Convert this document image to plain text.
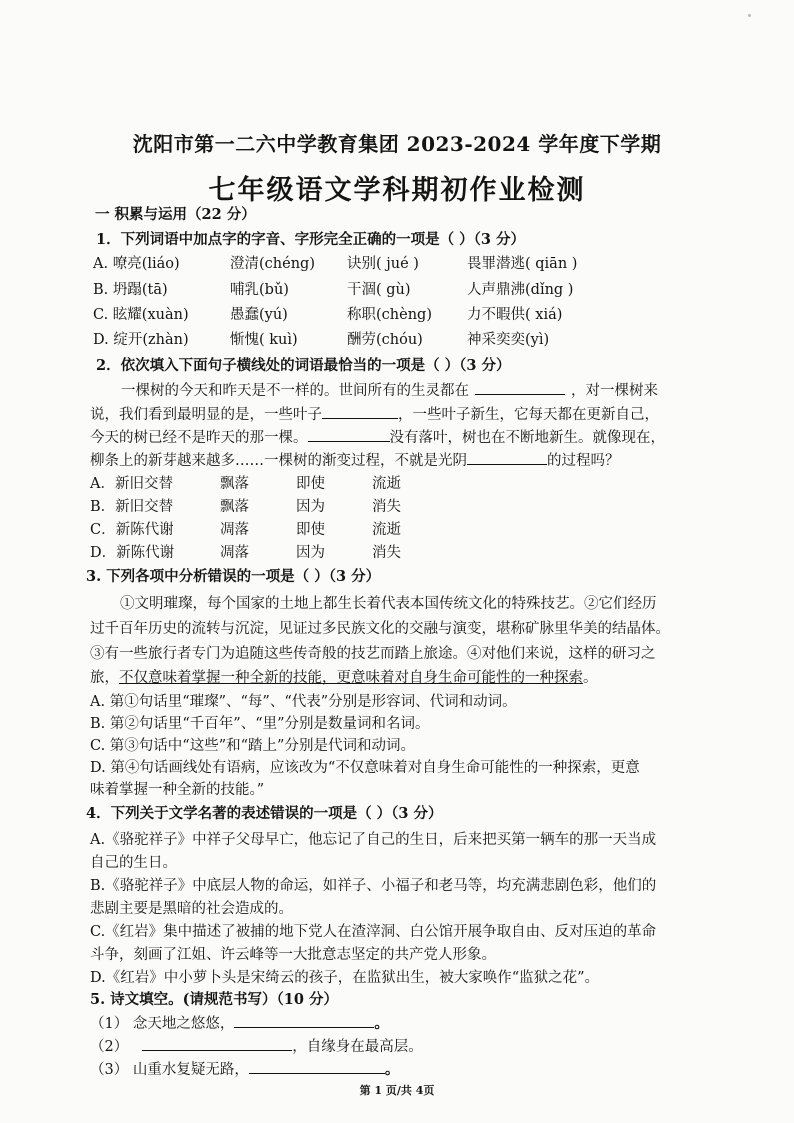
沈阳市第一二六中学教育集团 2023-2024 学年度下学期
七年级语文学科期初作业检测
一 积累与运用（22 分）
1．下列词语中加点字的字音、字形完全正确的一项是（ ）（3 分）
A. 嘹亮(liáo)	澄清(chéng) 诀别( jué )	畏罪潜逃( qiān )
B. 坍蹋(tā)	哺乳(bǔ)	干涸( gù)	人声鼎沸(dǐng )
C. 眩耀(xuàn)	愚蠢(yú)	称职(chèng) 力不暇供( xiá)
D. 绽开(zhàn)	惭愧( kuì)	酬劳(chóu)	神采奕奕(yì)
2．依次填入下面句子横线处的词语最恰当的一项是（ ）（3 分）
一棵树的今天和昨天是不一样的。世间所有的生灵都在	，对一棵树来
说，我们看到最明显的是，一些叶子	，一些叶子新生，它每天都在更新自己，
今天的树已经不是昨天的那一棵。	没有落叶，树也在不断地新生。就像现在，
柳条上的新芽越来越多……一棵树的渐变过程，不就是光阴	的过程吗？
A．新旧交替	飘落	即使	流逝
B．新旧交替	飘落	因为	消失
C．新陈代谢	凋落	即使	流逝
D．新陈代谢	凋落	因为	消失
3. 下列各项中分析错误的一项是（ ）（3 分）
①文明璀璨，每个国家的土地上都生长着代表本国传统文化的特殊技艺。②它们经历
过千百年历史的流转与沉淀，见证过多民族文化的交融与演变，堪称矿脉里华美的结晶体。
③有一些旅行者专门为追随这些传奇般的技艺而踏上旅途。④对他们来说，这样的研习之
旅，不仅意味着掌握一种全新的技能，更意味着对自身生命可能性的一种探索。
A. 第①句话里“璀璨”、“每”、“代表”分别是形容词、代词和动词。
B. 第②句话里“千百年”、“里”分别是数量词和名词。
C. 第③句话中“这些”和“踏上”分别是代词和动词。
D. 第④句话画线处有语病，应该改为“不仅意味着对自身生命可能性的一种探索，更意
味着掌握一种全新的技能。”
4．下列关于文学名著的表述错误的一项是（ ）（3 分）
A.《骆驼祥子》中祥子父母早亡，他忘记了自己的生日，后来把买第一辆车的那一天当成
自己的生日。
B.《骆驼祥子》中底层人物的命运，如祥子、小福子和老马等，均充满悲剧色彩，他们的
悲剧主要是黑暗的社会造成的。
C.《红岩》集中描述了被捕的地下党人在渣滓洞、白公馆开展争取自由、反对压迫的革命
斗争，刻画了江姐、许云峰等一大批意志坚定的共产党人形象。
D.《红岩》中小萝卜头是宋绮云的孩子，在监狱出生，被大家唤作“监狱之花”。
5. 诗文填空。(请规范书写）（10 分）
（1） 念天地之悠悠，	。
（2）	，自缘身在最高层。
（3） 山重水复疑无路，	。
第 1 页/共 4页
